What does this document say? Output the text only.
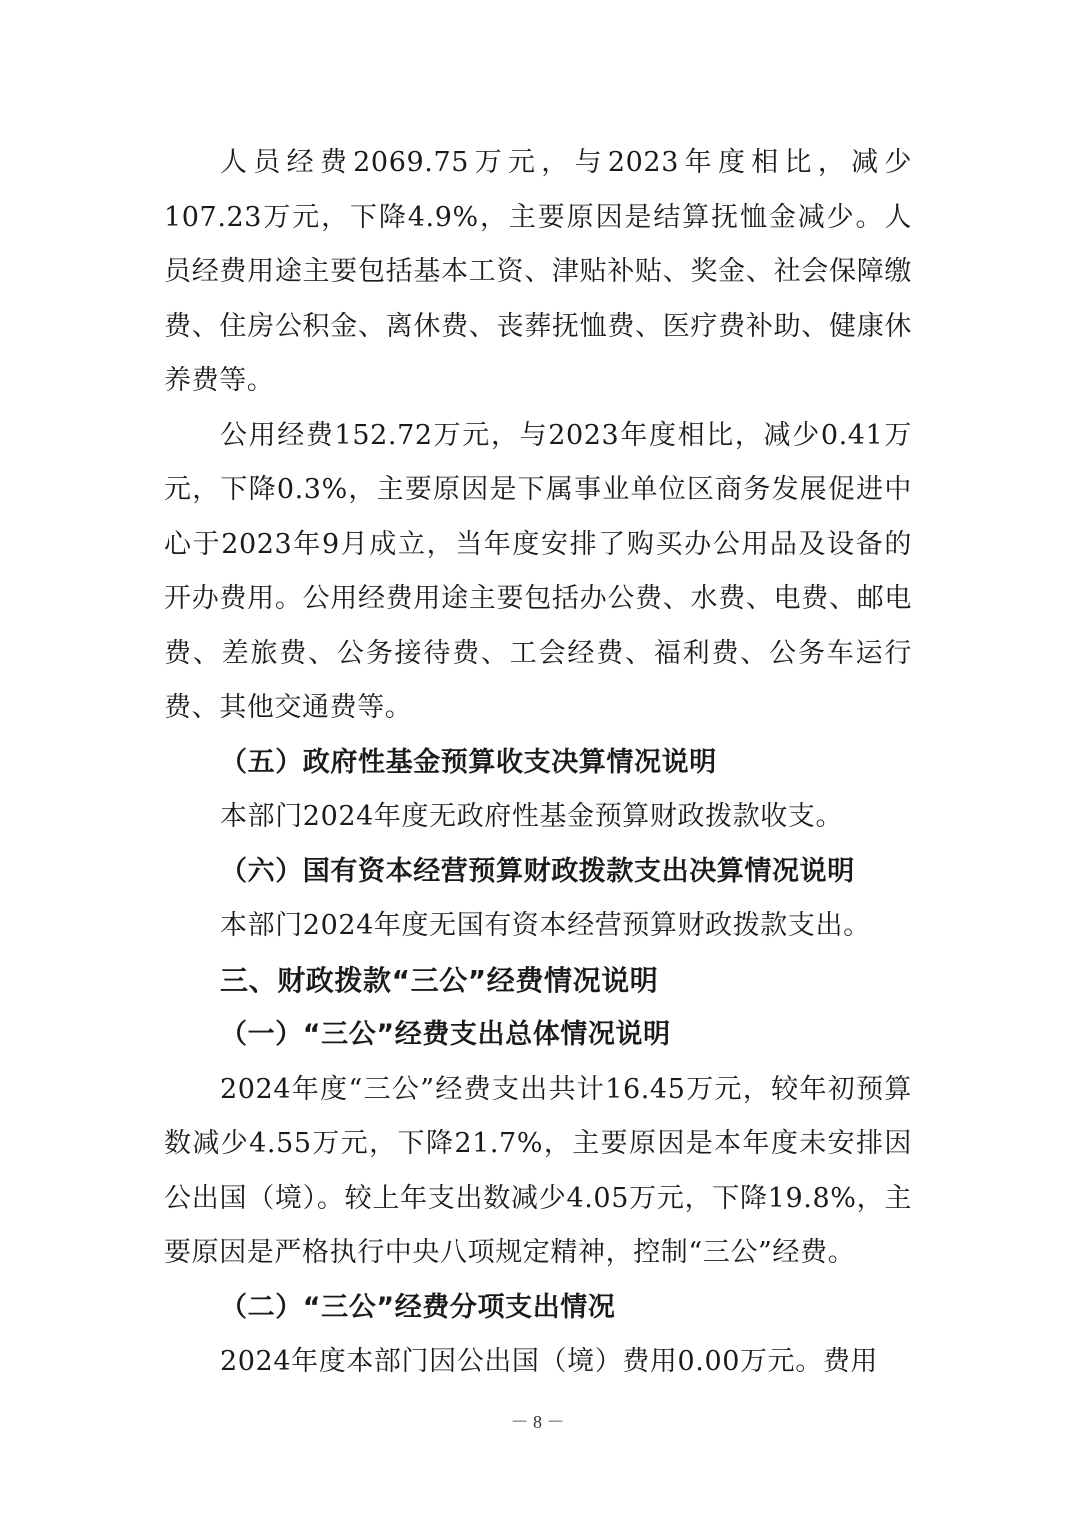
人员经费2069.75万元，与2023年度相比，减少107.23万元，下降4.9%，主要原因是结算抚恤金减少。人员经费用途主要包括基本工资、津贴补贴、奖金、社会保障缴费、住房公积金、离休费、丧葬抚恤费、医疗费补助、健康休养费等。

公用经费152.72万元，与2023年度相比，减少0.41万元，下降0.3%，主要原因是下属事业单位区商务发展促进中心于2023年9月成立，当年度安排了购买办公用品及设备的开办费用。公用经费用途主要包括办公费、水费、电费、邮电费、差旅费、公务接待费、工会经费、福利费、公务车运行费、其他交通费等。

（五）政府性基金预算收支决算情况说明

本部门2024年度无政府性基金预算财政拨款收支。

（六）国有资本经营预算财政拨款支出决算情况说明

本部门2024年度无国有资本经营预算财政拨款支出。

三、财政拨款“三公”经费情况说明

（一）“三公”经费支出总体情况说明

2024年度“三公”经费支出共计16.45万元，较年初预算数减少4.55万元，下降21.7%，主要原因是本年度未安排因公出国（境）。较上年支出数减少4.05万元，下降19.8%，主要原因是严格执行中央八项规定精神，控制“三公”经费。

（二）“三公”经费分项支出情况

2024年度本部门因公出国（境）费用0.00万元。费用

－ 8 －
